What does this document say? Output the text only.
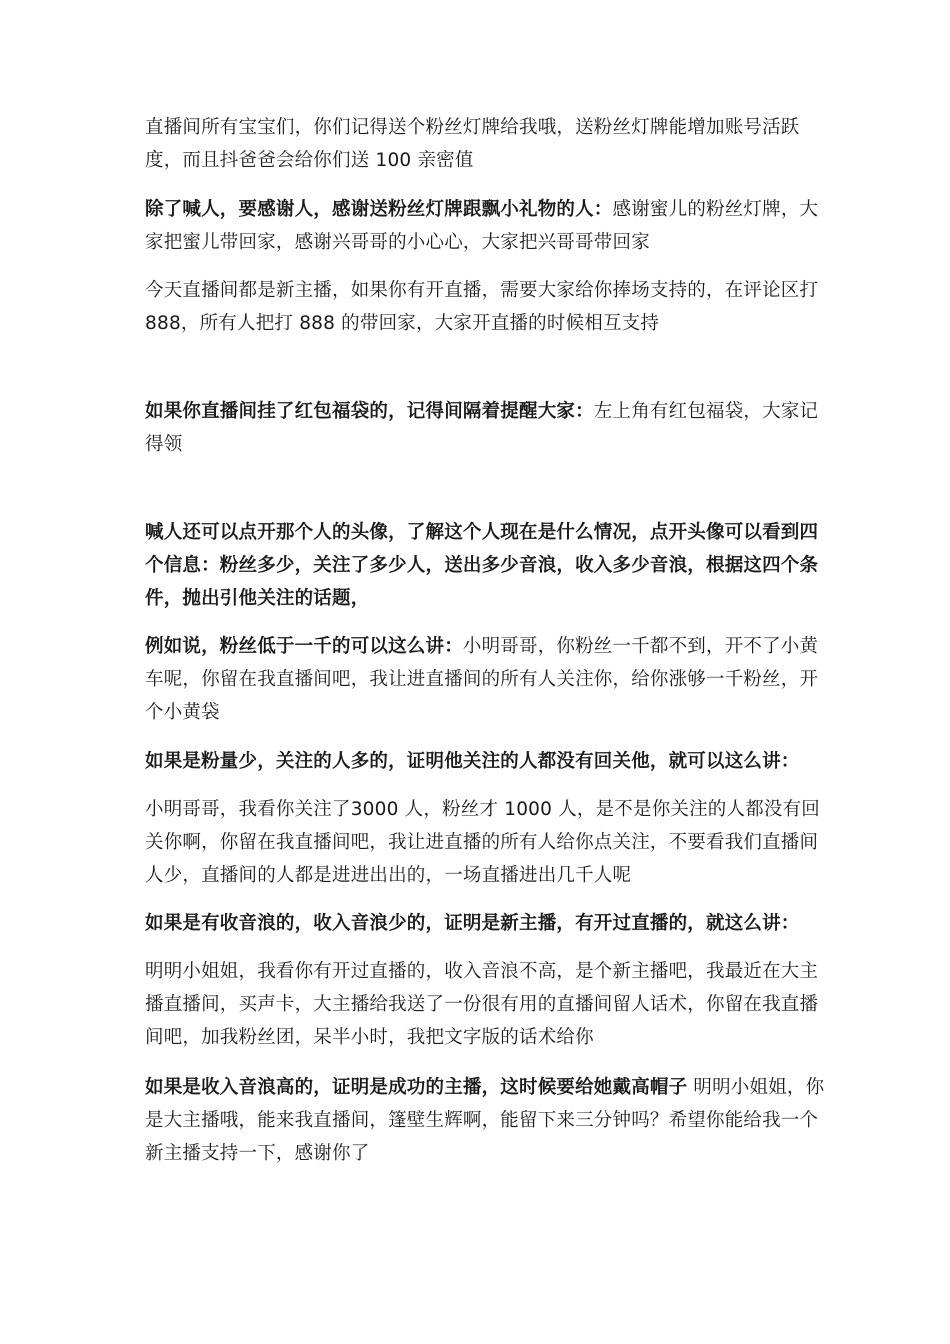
直播间所有宝宝们，你们记得送个粉丝灯牌给我哦，送粉丝灯牌能增加账号活跃度，而且抖爸爸会给你们送 100 亲密值

除了喊人，要感谢人，感谢送粉丝灯牌跟飘小礼物的人：感谢蜜儿的粉丝灯牌，大家把蜜儿带回家，感谢兴哥哥的小心心，大家把兴哥哥带回家

今天直播间都是新主播，如果你有开直播，需要大家给你捧场支持的，在评论区打 888，所有人把打 888 的带回家，大家开直播的时候相互支持

如果你直播间挂了红包福袋的，记得间隔着提醒大家：左上角有红包福袋，大家记得领

喊人还可以点开那个人的头像，了解这个人现在是什么情况，点开头像可以看到四个信息：粉丝多少，关注了多少人，送出多少音浪，收入多少音浪，根据这四个条件，抛出引他关注的话题，

例如说，粉丝低于一千的可以这么讲：小明哥哥，你粉丝一千都不到，开不了小黄车呢，你留在我直播间吧，我让进直播间的所有人关注你，给你涨够一千粉丝，开个小黄袋

如果是粉量少，关注的人多的，证明他关注的人都没有回关他，就可以这么讲：

小明哥哥，我看你关注了3000 人，粉丝才 1000 人，是不是你关注的人都没有回关你啊，你留在我直播间吧，我让进直播的所有人给你点关注，不要看我们直播间人少，直播间的人都是进进出出的，一场直播进出几千人呢

如果是有收音浪的，收入音浪少的，证明是新主播，有开过直播的，就这么讲：

明明小姐姐，我看你有开过直播的，收入音浪不高，是个新主播吧，我最近在大主播直播间，买声卡，大主播给我送了一份很有用的直播间留人话术，你留在我直播间吧，加我粉丝团，呆半小时，我把文字版的话术给你

如果是收入音浪高的，证明是成功的主播，这时候要给她戴高帽子 明明小姐姐，你是大主播哦，能来我直播间，篷壁生辉啊，能留下来三分钟吗？希望你能给我一个新主播支持一下，感谢你了
